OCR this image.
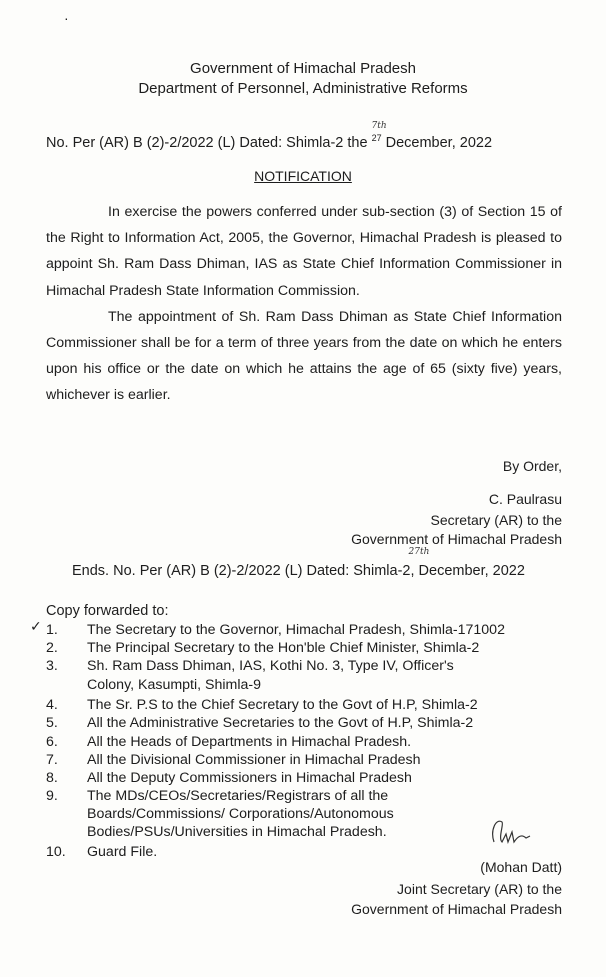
·
Government of Himachal Pradesh
Department of Personnel, Administrative Reforms
No. Per (AR) B (2)-2/2022 (L) Dated: Shimla-2 the $^{27}$
7th
December, 2022
NOTIFICATION

In exercise the powers conferred under sub-section (3) of Section 15 of the Right to Information Act, 2005, the Governor, Himachal Pradesh is pleased to appoint Sh. Ram Dass Dhiman, IAS as State Chief Information Commissioner in Himachal Pradesh State Information Commission.

The appointment of Sh. Ram Dass Dhiman as State Chief Information Commissioner shall be for a term of three years from the date on which he enters upon his office or the date on which he attains the age of 65 (sixty five) years, whichever is earlier.

By Order,
C. Paulrasu
Secretary (AR) to the
Government of Himachal Pradesh
Ends. No. Per (AR) B (2)-2/2022 (L) Dated: Shimla-2,
27th
December, 2022
Copy forwarded to:
✓ 1. The Secretary to the Governor, Himachal Pradesh, Shimla-171002
2. The Principal Secretary to the Hon'ble Chief Minister, Shimla-2
3. Sh. Ram Dass Dhiman, IAS, Kothi No. 3, Type IV, Officer's
Colony, Kasumpti, Shimla-9
4. The Sr. P.S to the Chief Secretary to the Govt of H.P, Shimla-2
5. All the Administrative Secretaries to the Govt of H.P, Shimla-2
6. All the Heads of Departments in Himachal Pradesh.
7. All the Divisional Commissioner in Himachal Pradesh
8. All the Deputy Commissioners in Himachal Pradesh
9. The MDs/CEOs/Secretaries/Registrars of all the
Boards/Commissions/ Corporations/Autonomous
Bodies/PSUs/Universities in Himachal Pradesh.
10. Guard File.
(Mohan Datt)
Joint Secretary (AR) to the
Government of Himachal Pradesh
